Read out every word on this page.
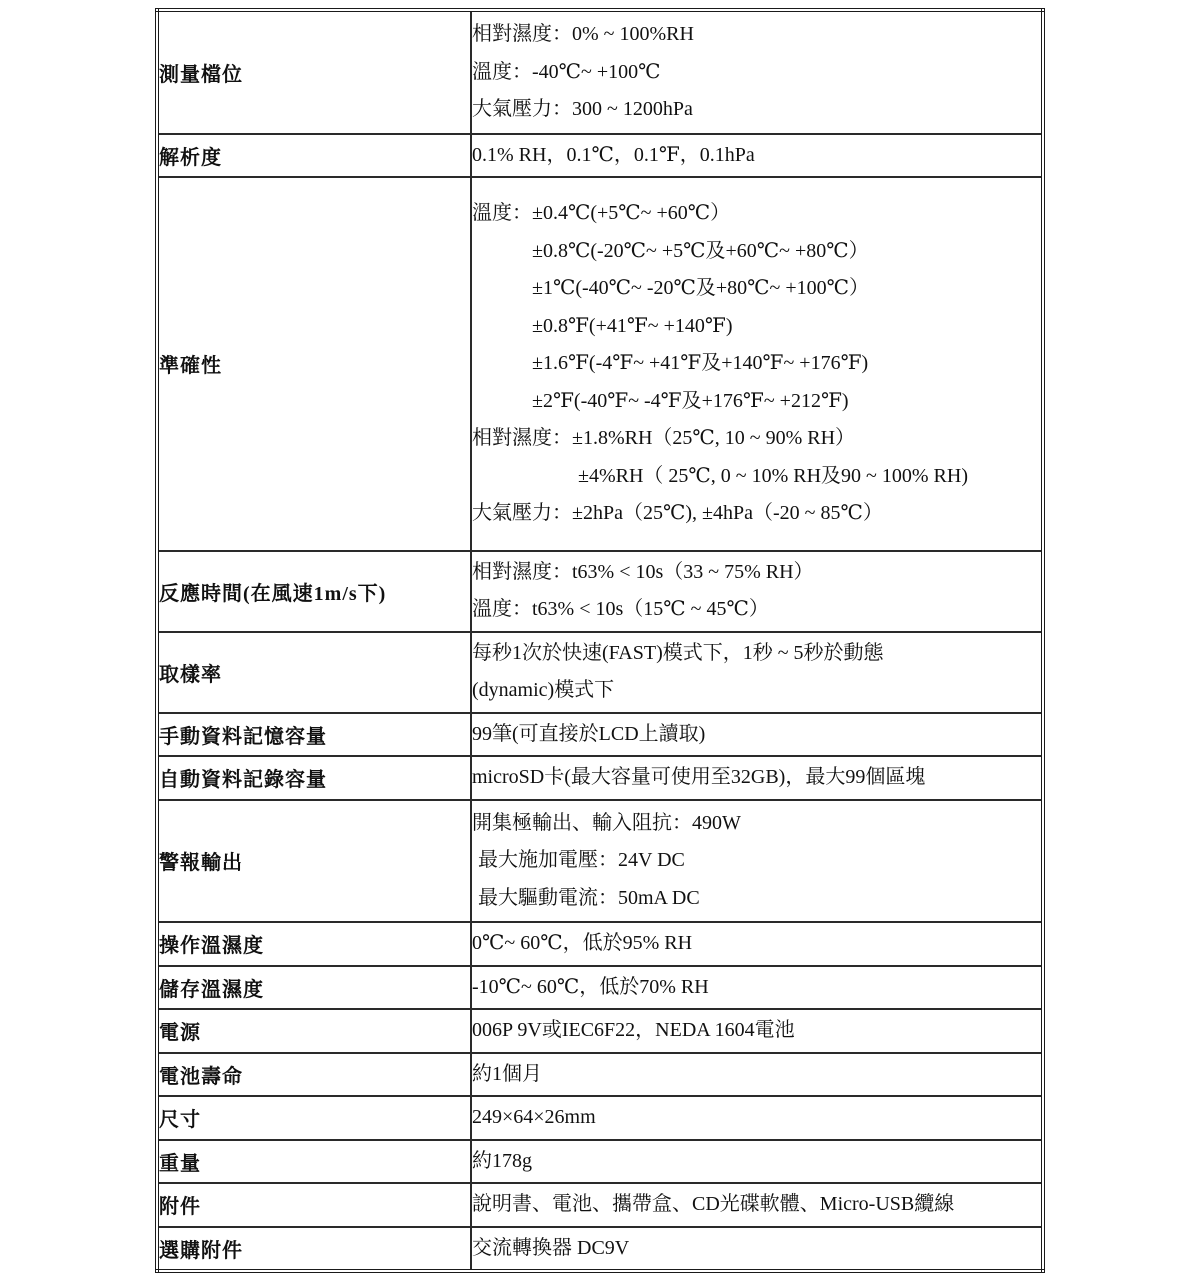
測量檔位	相對濕度：0% ~ 100%RH
溫度：-40℃~ +100℃
大氣壓力：300 ~ 1200hPa

解析度	0.1% RH，0.1℃，0.1℉，0.1hPa

準確性	
溫度：±0.4℃(+5℃~ +60℃）
±0.8℃(-20℃~ +5℃及+60℃~ +80℃）
±1℃(-40℃~ -20℃及+80℃~ +100℃）
±0.8℉(+41℉~ +140℉)
±1.6℉(-4℉~ +41℉及+140℉~ +176℉)
±2℉(-40℉~ -4℉及+176℉~ +212℉)
相對濕度：±1.8%RH（25℃, 10 ~ 90% RH）
±4%RH（ 25℃, 0 ~ 10% RH及90 ~ 100% RH)
大氣壓力：±2hPa（25℃), ±4hPa（-20 ~ 85℃）

反應時間(在風速1m/s下)	相對濕度：t63% < 10s（33 ~ 75% RH）
溫度：t63% < 10s（15℃ ~ 45℃）

取樣率	每秒1次於快速(FAST)模式下，1秒 ~ 5秒於動態
(dynamic)模式下

手動資料記憶容量	99筆(可直接於LCD上讀取)

自動資料記錄容量	microSD卡(最大容量可使用至32GB)，最大99個區塊

警報輸出	開集極輸出、輸入阻抗：490W
最大施加電壓：24V DC
最大驅動電流：50mA DC

操作溫濕度	0℃~ 60℃，低於95% RH

儲存溫濕度	-10℃~ 60℃，低於70% RH

電源	006P 9V或IEC6F22，NEDA 1604電池

電池壽命	約1個月

尺寸	249×64×26mm

重量	約178g

附件	說明書、電池、攜帶盒、CD光碟軟體、Micro-USB纜線

選購附件	交流轉換器 DC9V
